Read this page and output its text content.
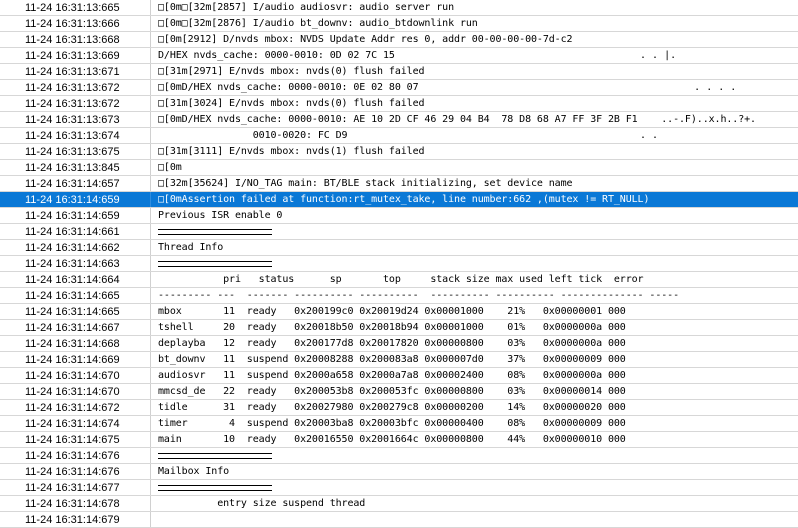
11-24 16:31:13:665	□[0m□[32m[2857] I/audio audiosvr: audio server run
11-24 16:31:13:666	□[0m□[32m[2876] I/audio bt_downv: audio_btdownlink run
11-24 16:31:13:668	□[0m[2912] D/nvds mbox: NVDS Update Addr res 0, addr 00-00-00-00-7d-c2
11-24 16:31:13:669	D/HEX nvds_cache: 0000-0010: 0D 02 7C 15	. . |.
11-24 16:31:13:671	□[31m[2971] E/nvds mbox: nvds(0) flush failed
11-24 16:31:13:672	□[0mD/HEX nvds_cache: 0000-0010: 0E 02 80 07	. . . .
11-24 16:31:13:672	□[31m[3024] E/nvds mbox: nvds(0) flush failed
11-24 16:31:13:673	□[0mD/HEX nvds_cache: 0000-0010: AE 10 2D CF 46 29 04 B4  78 D8 68 A7 FF 3F 2B F1    ..-.F)..x.h..?+.
11-24 16:31:13:674	0010-0020: FC D9	. .
11-24 16:31:13:675	□[31m[3111] E/nvds mbox: nvds(1) flush failed
11-24 16:31:13:845	□[0m
11-24 16:31:14:657	□[32m[35624] I/NO_TAG main: BT/BLE stack initializing, set device name
11-24 16:31:14:659	□[0mAssertion failed at function:rt_mutex_take, line number:662 ,(mutex != RT_NULL)
11-24 16:31:14:659	Previous ISR enable 0
11-24 16:31:14:661
11-24 16:31:14:662	Thread Info
11-24 16:31:14:663
11-24 16:31:14:664	pri   status      sp       top     stack size max used left tick  error
11-24 16:31:14:665	--------- ---  ------- ---------- ----------  ---------- ---------- -------------- -----
11-24 16:31:14:665	mbox       11  ready   0x200199c0 0x20019d24 0x00001000    21%   0x00000001 000
11-24 16:31:14:667	tshell     20  ready   0x20018b50 0x20018b94 0x00001000    01%   0x0000000a 000
11-24 16:31:14:668	deplayba   12  ready   0x200177d8 0x20017820 0x00000800    03%   0x0000000a 000
11-24 16:31:14:669	bt_downv   11  suspend 0x20008288 0x200083a8 0x000007d0    37%   0x00000009 000
11-24 16:31:14:670	audiosvr   11  suspend 0x2000a658 0x2000a7a8 0x00002400    08%   0x0000000a 000
11-24 16:31:14:670	mmcsd_de   22  ready   0x200053b8 0x200053fc 0x00000800    03%   0x00000014 000
11-24 16:31:14:672	tidle      31  ready   0x20027980 0x200279c8 0x00000200    14%   0x00000020 000
11-24 16:31:14:674	timer       4  suspend 0x20003ba8 0x20003bfc 0x00000400    08%   0x00000009 000
11-24 16:31:14:675	main       10  ready   0x20016550 0x2001664c 0x00000800    44%   0x00000010 000
11-24 16:31:14:676
11-24 16:31:14:676	Mailbox Info
11-24 16:31:14:677
11-24 16:31:14:678	entry size suspend thread
11-24 16:31:14:679
